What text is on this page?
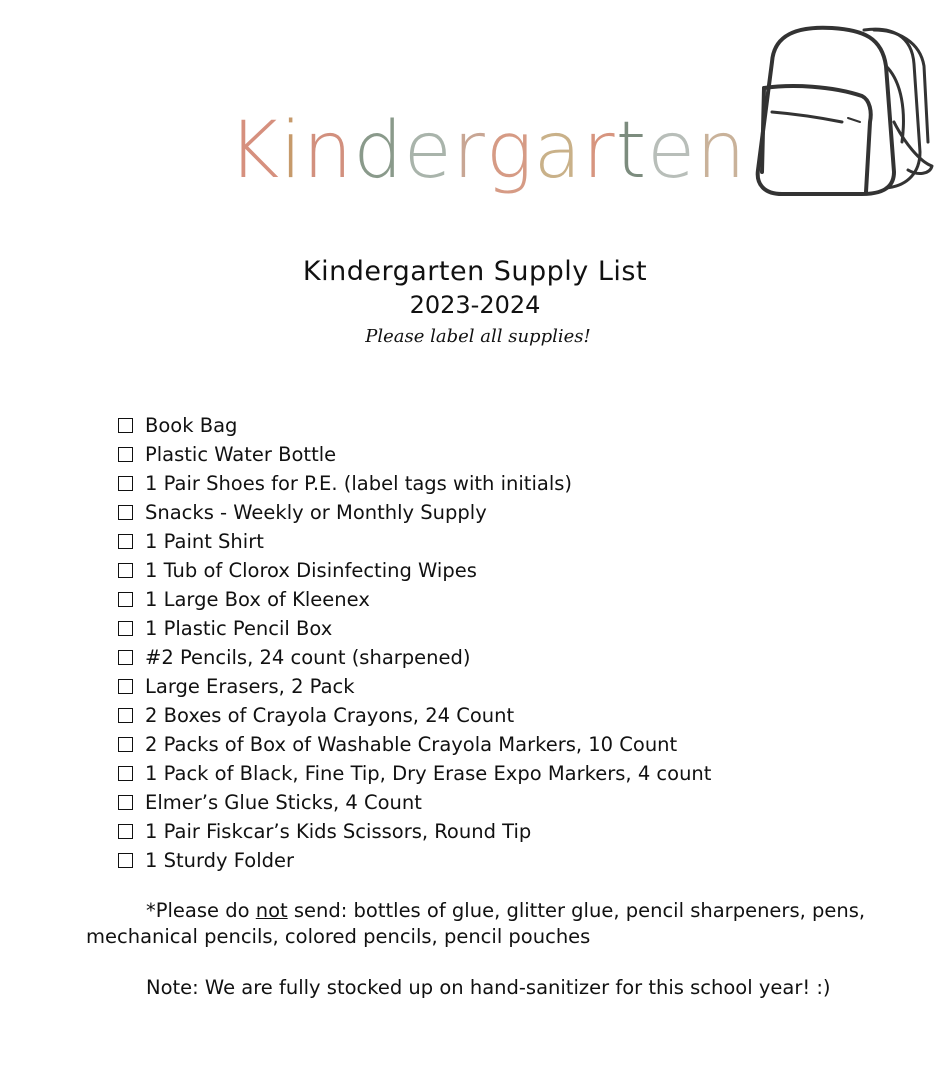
Kindergarten
Kindergarten Supply List
2023-2024
Please label all supplies!
Book Bag
Plastic Water Bottle
1 Pair Shoes for P.E. (label tags with initials)
Snacks - Weekly or Monthly Supply
1 Paint Shirt
1 Tub of Clorox Disinfecting Wipes
1 Large Box of Kleenex
1 Plastic Pencil Box
#2 Pencils, 24 count (sharpened)
Large Erasers, 2 Pack
2 Boxes of Crayola Crayons, 24 Count
2 Packs of Box of Washable Crayola Markers, 10 Count
1 Pack of Black, Fine Tip, Dry Erase Expo Markers, 4 count
Elmer’s Glue Sticks, 4 Count
1 Pair Fiskcar’s Kids Scissors, Round Tip
1 Sturdy Folder
*Please do not send: bottles of glue, glitter glue, pencil sharpeners, pens, mechanical pencils, colored pencils, pencil pouches
Note: We are fully stocked up on hand-sanitizer for this school year! :)
